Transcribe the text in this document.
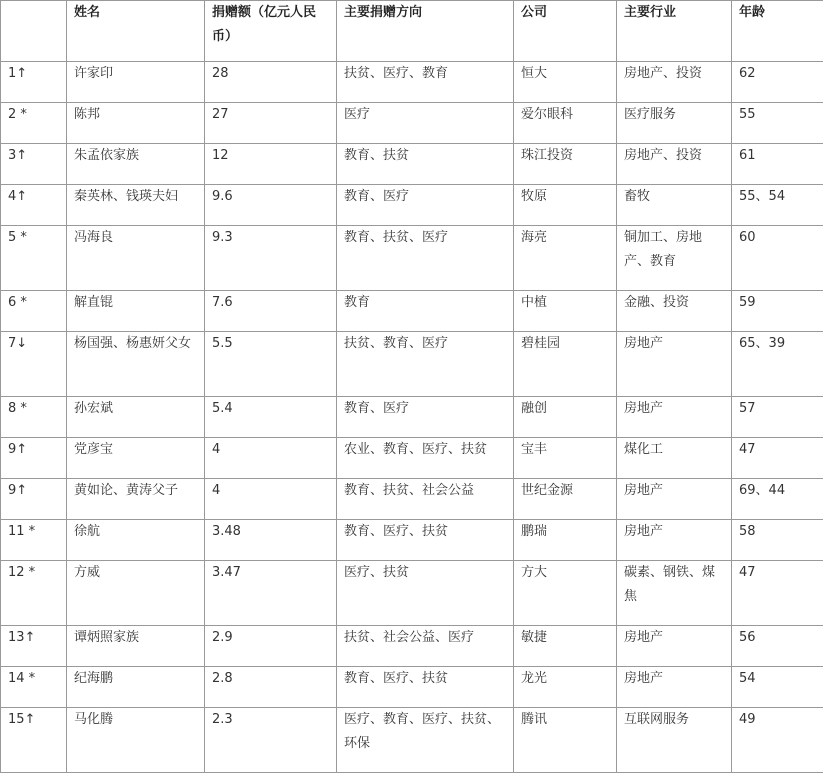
	姓名	捐赠额（亿元人民币）	主要捐赠方向	公司	主要行业	年龄
1↑	许家印	28	扶贫、医疗、教育	恒大	房地产、投资	62
2 *	陈邦	27	医疗	爱尔眼科	医疗服务	55
3↑	朱孟依家族	12	教育、扶贫	珠江投资	房地产、投资	61
4↑	秦英林、钱瑛夫妇	9.6	教育、医疗	牧原	畜牧	55、54
5 *	冯海良	9.3	教育、扶贫、医疗	海亮	铜加工、房地产、教育	60
6 *	解直锟	7.6	教育	中植	金融、投资	59
7↓	杨国强、杨惠妍父女	5.5	扶贫、教育、医疗	碧桂园	房地产	65、39
8 *	孙宏斌	5.4	教育、医疗	融创	房地产	57
9↑	党彦宝	4	农业、教育、医疗、扶贫	宝丰	煤化工	47
9↑	黄如论、黄涛父子	4	教育、扶贫、社会公益	世纪金源	房地产	69、44
11 *	徐航	3.48	教育、医疗、扶贫	鹏瑞	房地产	58
12 *	方威	3.47	医疗、扶贫	方大	碳素、钢铁、煤焦	47
13↑	谭炳照家族	2.9	扶贫、社会公益、医疗	敏捷	房地产	56
14 *	纪海鹏	2.8	教育、医疗、扶贫	龙光	房地产	54
15↑	马化腾	2.3	医疗、教育、医疗、扶贫、环保	腾讯	互联网服务	49
